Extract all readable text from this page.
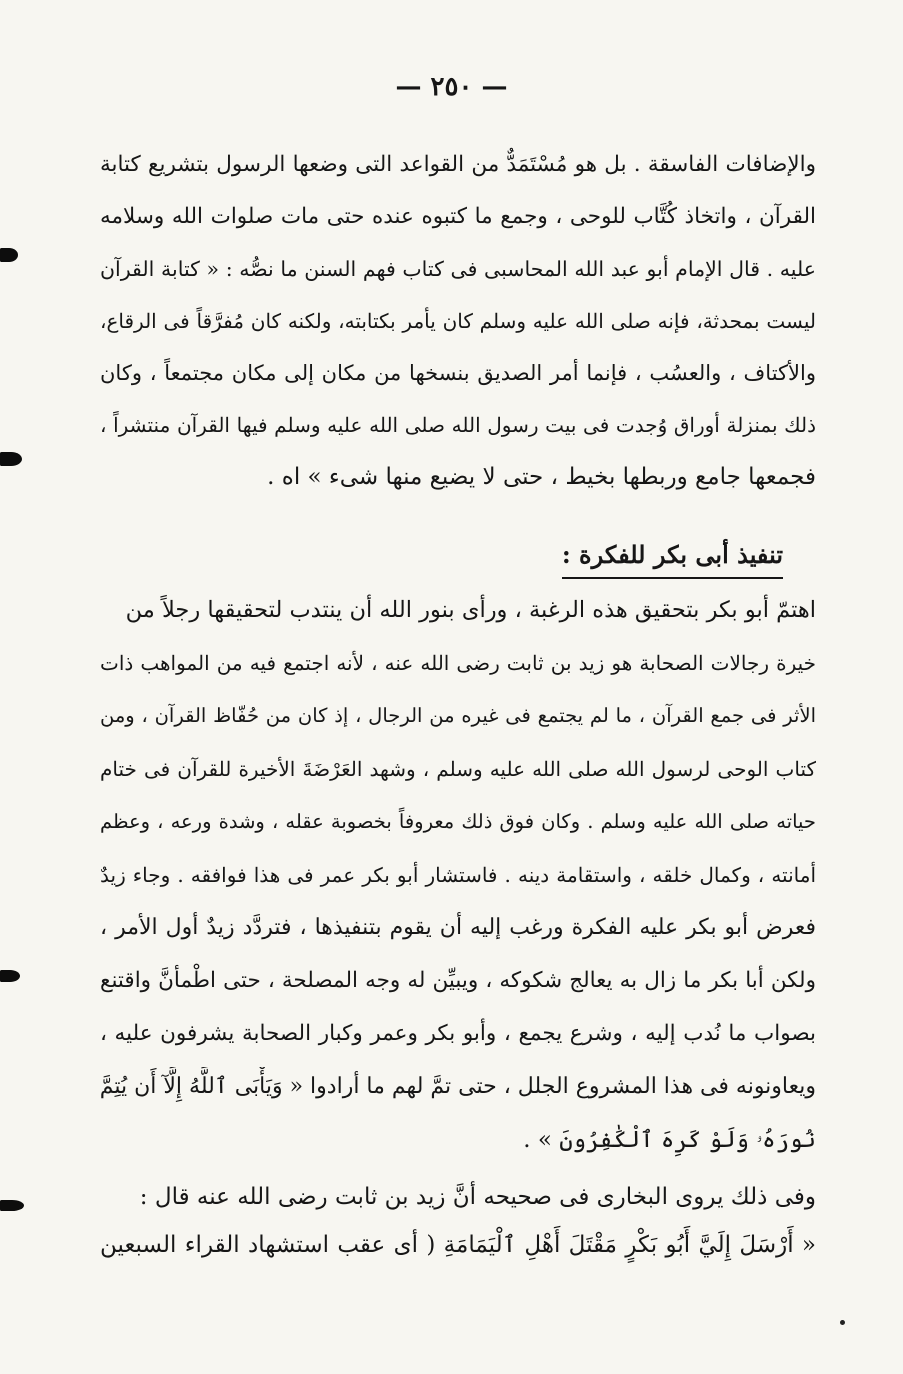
— ٢٥٠ —
والإضافات الفاسقة . بل هو مُسْتَمَدٌّ من القواعد التى وضعها الرسول بتشريع كتابة
القرآن ، واتخاذ كُتَّاب للوحى ، وجمع ما كتبوه عنده حتى مات صلوات الله وسلامه
عليه . قال الإمام أبو عبد الله المحاسبى فى كتاب فهم السنن ما نصُّه : « كتابة القرآن
ليست بمحدثة، فإنه صلى الله عليه وسلم كان يأمر بكتابته، ولكنه كان مُفرَّقاً فى الرقاع،
والأكتاف ، والعسُب ، فإنما أمر الصديق بنسخها من مكان إلى مكان مجتمعاً ، وكان
ذلك بمنزلة أوراق وُجدت فى بيت رسول الله صلى الله عليه وسلم فيها القرآن منتشراً ،
فجمعها جامع وربطها بخيط ، حتى لا يضيع منها شىء » اه .
تنفيذ أبى بكر للفكرة :
اهتمّ أبو بكر بتحقيق هذه الرغبة ، ورأى بنور الله أن ينتدب لتحقيقها رجلاً من
خيرة رجالات الصحابة هو زيد بن ثابت رضى الله عنه ، لأنه اجتمع فيه من المواهب ذات
الأثر فى جمع القرآن ، ما لم يجتمع فى غيره من الرجال ، إذ كان من حُفّاظ القرآن ، ومن
كتاب الوحى لرسول الله صلى الله عليه وسلم ، وشهد العَرْضَةَ الأخيرة للقرآن فى ختام
حياته صلى الله عليه وسلم . وكان فوق ذلك معروفاً بخصوبة عقله ، وشدة ورعه ، وعظم
أمانته ، وكمال خلقه ، واستقامة دينه . فاستشار أبو بكر عمر فى هذا فوافقه . وجاء زيدٌ
فعرض أبو بكر عليه الفكرة ورغب إليه أن يقوم بتنفيذها ، فتردَّد زيدٌ أول الأمر ،
ولكن أبا بكر ما زال به يعالج شكوكه ، ويبيِّن له وجه المصلحة ، حتى اطْمأنَّ واقتنع
بصواب ما نُدب إليه ، وشرع يجمع ، وأبو بكر وعمر وكبار الصحابة يشرفون عليه ،
ويعاونونه فى هذا المشروع الجلل ، حتى تمَّ لهم ما أرادوا « وَيَأْبَى ٱللَّهُ إِلَّآ أَن يُتِمَّ
نُورَهُۥ وَلَوْ كَرِهَ ٱلْكَٰفِرُونَ » .
وفى ذلك يروى البخارى فى صحيحه أنَّ زيد بن ثابت رضى الله عنه قال :
« أَرْسَلَ إِلَيَّ أَبُو بَكْرٍ مَقْتَلَ أَهْلِ ٱلْيَمَامَةِ ( أى عقب استشهاد القراء السبعين
